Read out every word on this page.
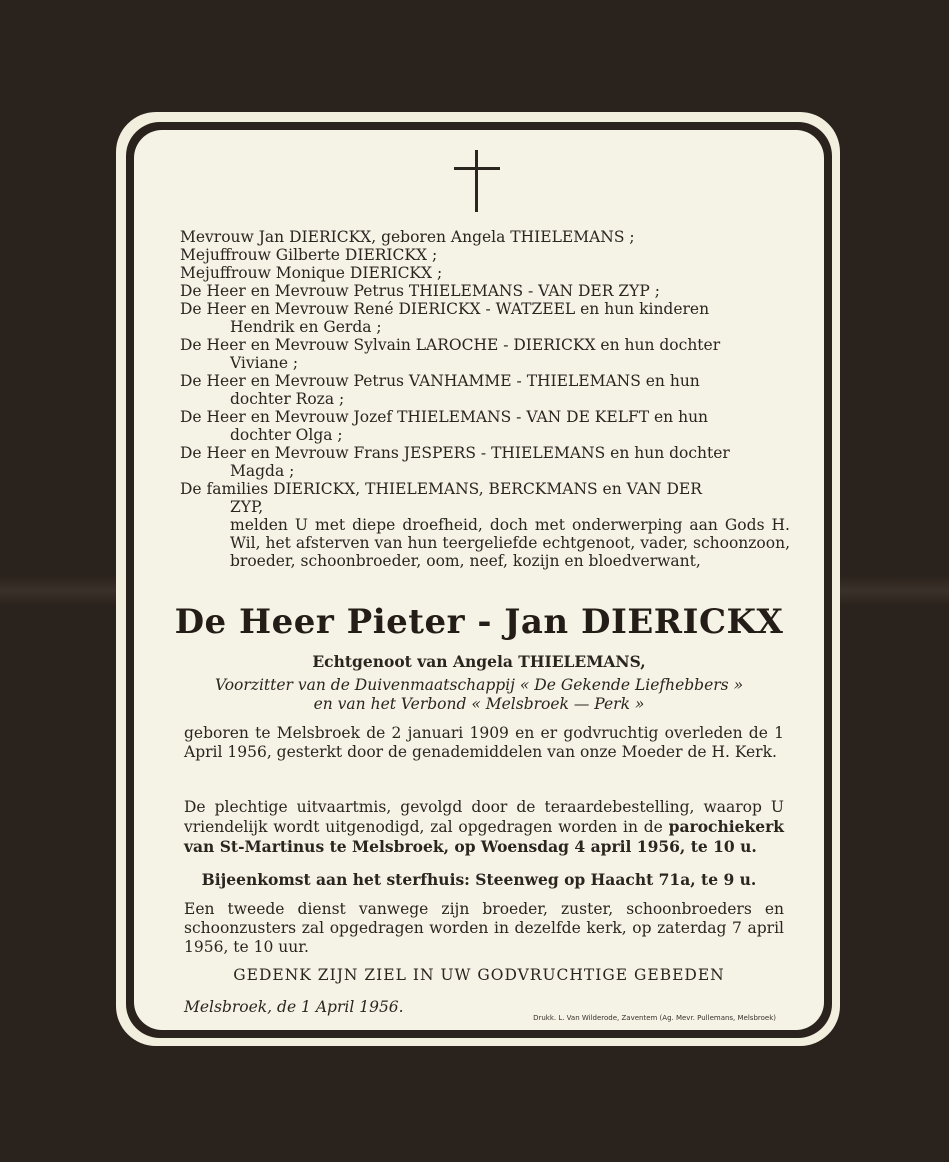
Mevrouw Jan DIERICKX, geboren Angela THIELEMANS ;
Mejuffrouw Gilberte DIERICKX ;
Mejuffrouw Monique DIERICKX ;
De Heer en Mevrouw Petrus THIELEMANS - VAN DER ZYP ;
De Heer en Mevrouw René DIERICKX - WATZEEL en hun kinderen
Hendrik en Gerda ;
De Heer en Mevrouw Sylvain LAROCHE - DIERICKX en hun dochter
Viviane ;
De Heer en Mevrouw Petrus VANHAMME - THIELEMANS en hun
dochter Roza ;
De Heer en Mevrouw Jozef THIELEMANS - VAN DE KELFT en hun
dochter Olga ;
De Heer en Mevrouw Frans JESPERS - THIELEMANS en hun dochter
Magda ;
De families DIERICKX, THIELEMANS, BERCKMANS en VAN DER
ZYP,
melden U met diepe droefheid, doch met onderwerping aan Gods H. Wil, het afsterven van hun teergeliefde echtgenoot, vader, schoonzoon, broeder, schoonbroeder, oom, neef, kozijn en bloedverwant,
De Heer Pieter - Jan DIERICKX
Echtgenoot van Angela THIELEMANS,
Voorzitter van de Duivenmaatschappij « De Gekende Liefhebbers »
en van het Verbond « Melsbroek — Perk »
geboren te Melsbroek de 2 januari 1909 en er godvruchtig overleden de 1 April 1956, gesterkt door de genademiddelen van onze Moeder de H. Kerk.
De plechtige uitvaartmis, gevolgd door de teraardebestelling, waarop U vriendelijk wordt uitgenodigd, zal opgedragen worden in de parochiekerk van St-Martinus te Melsbroek, op Woensdag 4 april 1956, te 10 u.
Bijeenkomst aan het sterfhuis: Steenweg op Haacht 71a, te 9 u.
Een tweede dienst vanwege zijn broeder, zuster, schoonbroeders en schoonzusters zal opgedragen worden in dezelfde kerk, op zaterdag 7 april 1956, te 10 uur.
GEDENK ZIJN ZIEL IN UW GODVRUCHTIGE GEBEDEN
Melsbroek, de 1 April 1956.
Drukk. L. Van Wilderode, Zaventem (Ag. Mevr. Pullemans, Melsbroek)
